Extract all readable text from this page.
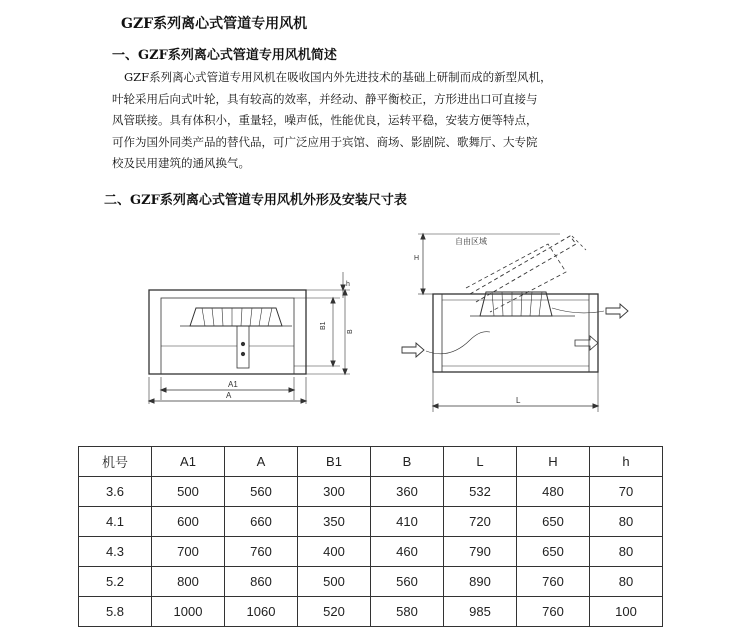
GZF系列离心式管道专用风机
一、GZF系列离心式管道专用风机简述
GZF系列离心式管道专用风机在吸收国内外先进技术的基础上研制而成的新型风机，
叶轮采用后向式叶轮，具有较高的效率，并经动、静平衡校正，方形进出口可直接与
风管联接。具有体积小，重量轻，噪声低，性能优良，运转平稳，安装方便等特点，
可作为国外同类产品的替代品，可广泛应用于宾馆、商场、影剧院、歌舞厅、大专院
校及民用建筑的通风换气。
二、GZF系列离心式管道专用风机外形及安装尺寸表
A1
A
h
B1
B
H
自由区域
L
机号	A1	A	B1	B	L	H	h
3.6	500	560	300	360	532	480	70
4.1	600	660	350	410	720	650	80
4.3	700	760	400	460	790	650	80
5.2	800	860	500	560	890	760	80
5.8	1000	1060	520	580	985	760	100
